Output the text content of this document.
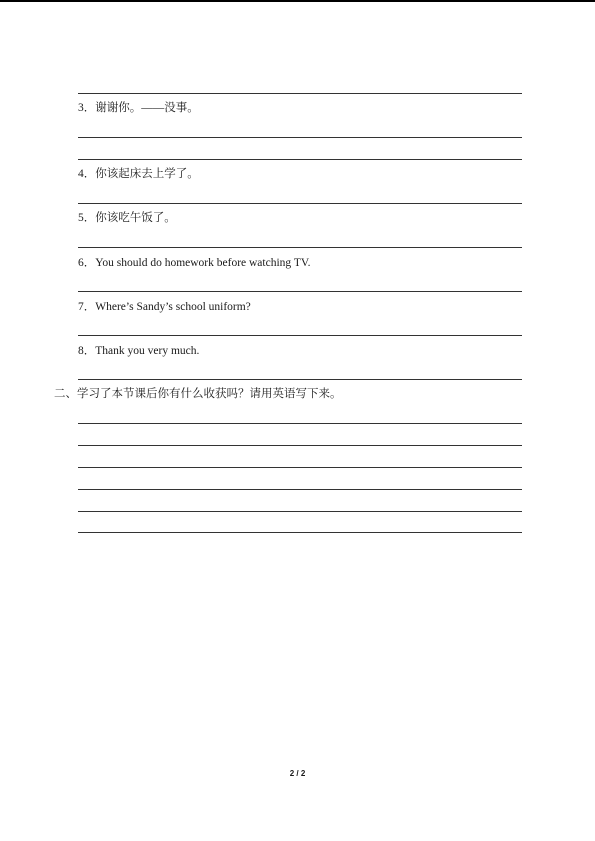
3．谢谢你。——没事。
4．你该起床去上学了。
5．你该吃午饭了。
6．You should do homework before watching TV.
7．Where’s Sandy’s school uniform?
8．Thank you very much.
二、学习了本节课后你有什么收获吗？请用英语写下来。
2 / 2
